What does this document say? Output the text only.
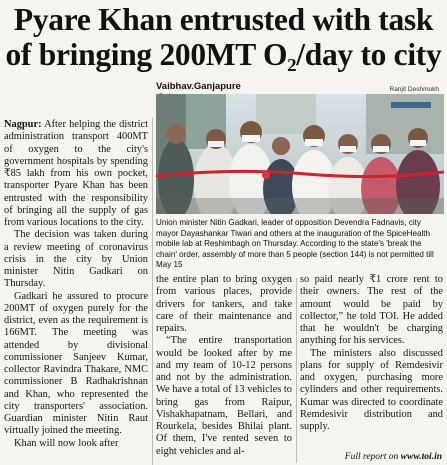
Pyare Khan entrusted with task
of bringing 200MT O₂/day to city
Vaibhav.Ganjapure	Ranjit Deshmukh

Nagpur: After helping the district administration transport 400MT of oxygen to the city's government hospitals by spending ₹85 lakh from his own pocket, transporter Pyare Khan has been entrusted with the responsibility of bringing all the supply of gas from various locations to the city.

The decision was taken during a review meeting of coronavirus crisis in the city by Union minister Nitin Gadkari on Thursday.

Gadkari he assured to procure 200MT of oxygen purely for the district, even as the requirement is 166MT. The meeting was attended by divisional commissioner Sanjeev Kumar, collector Ravindra Thakare, NMC commissioner B Radhakrishnan and Khan, who represented the city transporters' association. Guardian minister Nitin Raut virtually joined the meeting.

Khan will now look after

Union minister Nitin Gadkari, leader of opposition Devendra Fadnavis, city mayor Dayashankar Tiwari and others at the inauguration of the SpiceHealth mobile lab at Reshimbagh on Thursday. According to the state's 'break the chain' order, assembly of more than 5 people (section 144) is not permitted till May 15

the entire plan to bring oxygen from various places, provide drivers for tankers, and take care of their maintenance and repairs.

“The entire transportation would be looked after by me and my team of 10-12 persons and not by the administration. We have a total of 13 vehicles to bring gas from Raipur, Vishakhapatnam, Bellari, and Rourkela, besides Bhilai plant. Of them, I've rented seven to eight vehicles and al-

so paid nearly ₹1 crore rent to their owners. The rest of the amount would be paid by collector,” he told TOI. He added that he wouldn't be charging anything for his services.

The ministers also discussed plans for supply of Remdesivir and oxygen, purchasing more cylinders and other requirements. Kumar was directed to coordinate Remdesivir distribution and supply.

Full report on www.toi.in
